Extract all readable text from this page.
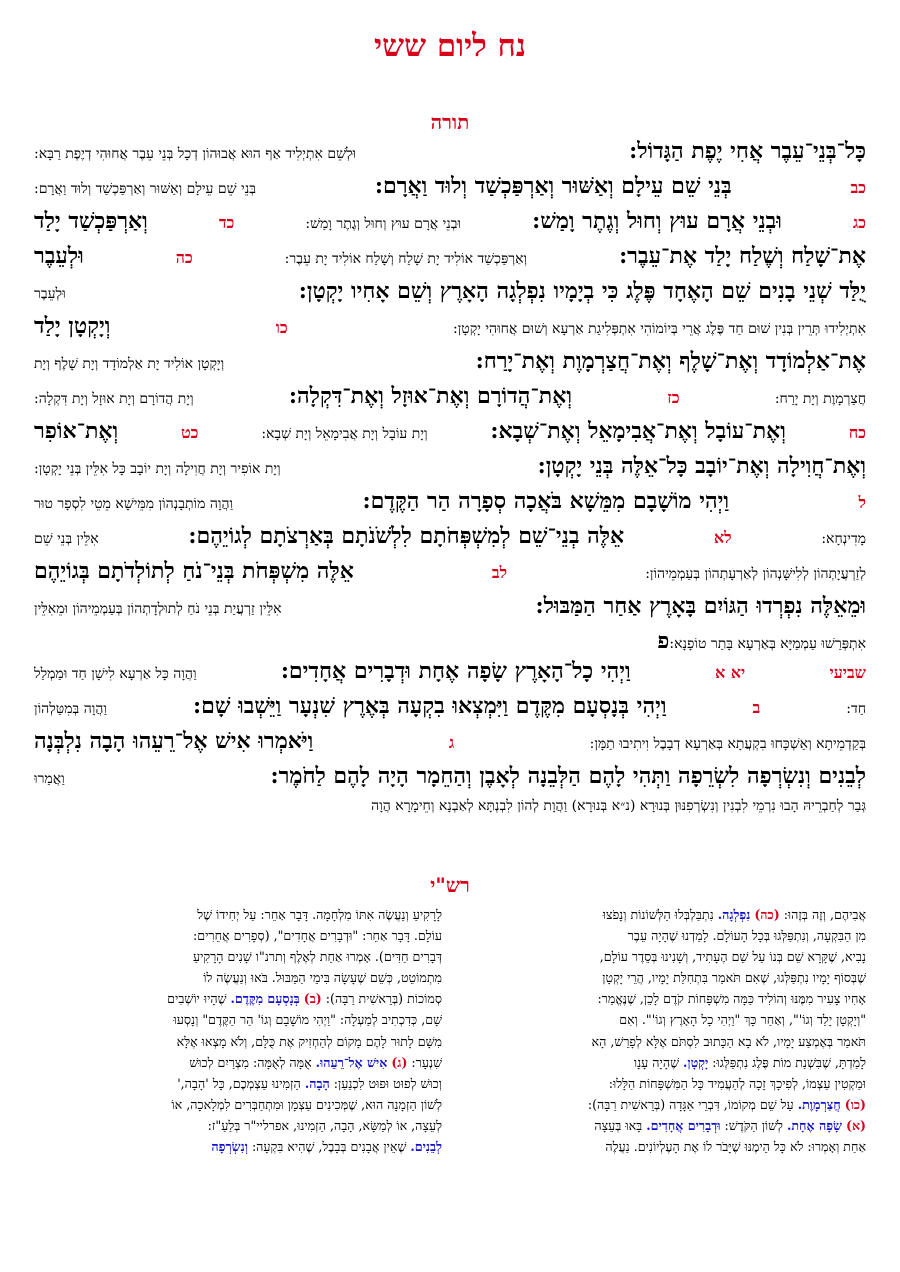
נח ליום ששי
תורה
כָּל־בְּנֵי־עֵבֶר אֲחִי יֶפֶת הַגָּדוֹל:
וּלְשֵׁם אִתְיְלִיד אַף הוּא אֲבוּהוֹן דְכָל בְּנֵי עֵבֶר אֲחוּהִי דְיֶפֶת רַבָּא:
כב
בְּנֵי שֵׁם עֵילָם וְאַשּׁוּר וְאַרְפַּכְשַׁד וְלוּד וַאֲרָם:
בְּנֵי שֵׁם עֵילָם וְאַשּׁוּר וְאַרְפַּכְשַׁד וְלוּד וַאֲרָם:
כג
וּבְנֵי אֲרָם עוּץ וְחוּל וְגֶתֶר וָמַשׁ:
וּבְנֵי אֲרָם עוּץ וְחוּל וְגֶתֶר וָמַשׁ:
כד
וְאַרְפַּכְשַׁד יָלַד
אֶת־שָׁלַח וְשֶׁלַח יָלַד אֶת־עֵבֶר:
וְאַרְפַּכְשַׁד אוֹלִיד יָת שָׁלַח וְשָׁלַח אוֹלִיד יָת עֵבֶר:
כה
וּלְעֵבֶר
יֻלַּד שְׁנֵי בָנִים שֵׁם הָאֶחָד פֶּלֶג כִּי בְיָמָיו נִפְלְגָה הָאָרֶץ וְשֵׁם אָחִיו יָקְטָן:
וּלְעֵבֶר
אִתְיְלִידוּ תְּרֵין בְּנִין שׁוּם חַד פֶּלֶג אֲרֵי בְּיוֹמוֹהִי אִתְפְּלִיגַת אַרְעָא וְשׁוּם אֲחוּהִי יָקְטָן:
כו
וְיָקְטָן יָלַד
אֶת־אַלְמוֹדָד וְאֶת־שָׁלֶף וְאֶת־חֲצַרְמָוֶת וְאֶת־יָרַח:
וְיָקְטָן אוֹלִיד יָת אַלְמוֹדָד וְיָת שָׁלֶף וְיָת
חֲצַרְמָוֶת וְיָת יָרַח:
כז
וְאֶת־הֲדוֹרָם וְאֶת־אוּזָל וְאֶת־דִּקְלָה:
וְיָת הֲדוֹרָם וְיָת אוּזָל וְיָת דִּקְלָה:
כח
וְאֶת־עוֹבָל וְאֶת־אֲבִימָאֵל וְאֶת־שְׁבָא:
וְיָת עוֹבָל וְיָת אֲבִימָאֵל וְיָת שְׁבָא:
כט
וְאֶת־אוֹפִר
וְאֶת־חֲוִילָה וְאֶת־יוֹבָב כָּל־אֵלֶּה בְּנֵי יָקְטָן:
וְיָת אוֹפִיר וְיָת חֲוִילָה וְיָת יוֹבָב כָּל אִלֵּין בְּנֵי יָקְטָן:
ל
וַיְהִי מוֹשָׁבָם מִמֵּשָׁא בֹּאֲכָה סְפָרָה הַר הַקֶּדֶם:
וַהֲוָה מוֹתְבָנְהוֹן מִמֵּישָׁא מֵטֵי לִסְפָר טוּר
מָדִינְחָא:
לא
אֵלֶּה בְנֵי־שֵׁם לְמִשְׁפְּחֹתָם לִלְשֹׁנֹתָם בְּאַרְצֹתָם לְגוֹיֵהֶם:
אִלֵּין בְּנֵי שֵׁם
לְזַרְעֲיָתְהוֹן לְלִישָּׁנְהוֹן לְאַרְעָתְהוֹן בְּעַמְמֵיהוֹן:
לב
אֵלֶּה מִשְׁפְּחֹת בְּנֵי־נֹחַ לְתוֹלְדֹתָם בְּגוֹיֵהֶם
וּמֵאֵלֶּה נִפְרְדוּ הַגּוֹיִם בָּאָרֶץ אַחַר הַמַּבּוּל:
אִלֵּין זַרְעֲיַת בְּנֵי נֹחַ לְתוּלְדָתְהוֹן בְּעַמְמֵיהוֹן וּמֵאִלֵּין
אִתְפְּרַשׁוּ עַמְמַיָּא בְּאַרְעָא בָּתַר טוֹפָנָא:
פ
שביעי
יא א
וַיְהִי כָל־הָאָרֶץ שָׂפָה אֶחָת וּדְבָרִים אֲחָדִים:
וַהֲוָה כָּל אַרְעָא לִישָׁן חַד וּמַמְלַל
חַד:
ב
וַיְהִי בְּנָסְעָם מִקֶּדֶם וַיִּמְצְאוּ בִקְעָה בְּאֶרֶץ שִׁנְעָר וַיֵּשְׁבוּ שָׁם:
וַהֲוָה בְּמִטַּלְהוֹן
בְּקַדְמֵיתָא וְאַשְׁכָּחוּ בִקְעֲתָא בְּאַרְעָא דְבָבֶל וִיתִיבוּ תַמָּן:
ג
וַיֹּאמְרוּ אִישׁ אֶל־רֵעֵהוּ הָבָה נִלְבְּנָה
לְבֵנִים וְנִשְׂרְפָה לִשְׂרֵפָה וַתְּהִי לָהֶם הַלְּבֵנָה לְאָבֶן וְהַחֵמָר הָיָה לָהֶם לַחֹמֶר:
וַאֲמַרוּ
גְּבַר לְחַבְרֵיהּ הָבוּ נִרְמֵי לִבְנִין וְנִשְׂרְפִנּוּן בְּנוּרָא (נ״א בְּנוּרָא) וַהֲוָת לְהוֹן לִבְנְתָּא לְאַבְנָא וְחֵימָרָא הֲוָה
רש"י
אֲבִיהֶם, וְזֶה בְּזֶהוּ: (כה) נִפְלְגָה. נִתְבַּלְבְּלוּ הַלְּשׁוֹנוֹת וְנָפֹצוּ
מִן הַבִּקְעָה, וְנִתְפַּלְּגוּ בְּכָל הָעוֹלָם. לָמַדְנוּ שֶׁהָיָה עֵבֶר
נָבִיא, שֶׁקָּרָא שֵׁם בְּנוֹ עַל שֵׁם הֶעָתִיד, וְשָׁנִינוּ בְּסֵדֶר עוֹלָם,
שֶׁבְּסוֹף יָמָיו נִתְפַּלְּגוּ, שֶׁאִם תֹּאמַר בִּתְחִלַּת יָמָיו, הֲרֵי יָקְטָן
אָחִיו צָעִיר מִמֶּנּוּ וְהוֹלִיד כַּמָּה מִשְׁפָּחוֹת קֹדֶם לָכֵן, שֶׁנֶּאֱמַר:
"וְיָקְטָן יָלַד וְגוֹ'", וְאַחַר כָּךְ "וַיְהִי כָל הָאָרֶץ וְגוֹ'". וְאִם
תֹּאמַר בְּאֶמְצַע יָמָיו, לֹא בָא הַכָּתוּב לִסְתֹּם אֶלָּא לְפָרֵשׁ, הָא
לָמַדְתָּ, שֶׁבִּשְׁנַת מוֹת פֶּלֶג נִתְפַּלְּגוּ: יָקְטָן. שֶׁהָיָה עָנָו
וּמַקְטִין עַצְמוֹ, לְפִיכָךְ זָכָה לְהַעֲמִיד כָּל הַמִּשְׁפָּחוֹת הַלָּלוּ:
(כו) חֲצַרְמָוֶת. עַל שֵׁם מְקוֹמוֹ, דִּבְרֵי אַגָּדָה (בְּרֵאשִׁית רַבָּה):
(א) שָׂפָה אֶחָת. לְשׁוֹן הַקֹּדֶשׁ: וּדְבָרִים אֲחָדִים. בָּאוּ בְּעֵצָה
אַחַת וְאָמְרוּ: לֹא כָּל הֵימֶנּוּ שֶׁיָּבֹר לוֹ אֶת הָעֶלְיוֹנִים. נַעֲלֶה
לָרָקִיעַ וְנַעֲשֶׂה אִתּוֹ מִלְחָמָה. דָּבָר אַחֵר: עַל יְחִידוֹ שֶׁל
עוֹלָם. דָּבָר אַחֵר: "וּדְבָרִים אֲחָדִים", (סְפָרִים אֲחֵרִים:
דְּבָרִים חַדִּים). אָמְרוּ אַחַת לְאֶלֶף וְתרנ"ו שָׁנִים הָרָקִיעַ
מִתְמוֹטֵט, כְּשֵׁם שֶׁעָשָׂה בִּימֵי הַמַּבּוּל. בֹּאוּ וְנַעֲשֶׂה לוֹ
סְמוֹכוֹת (בְּרֵאשִׁית רַבָּה): (ב) בְּנָסְעָם מִקֶּדֶם. שֶׁהָיוּ יוֹשְׁבִים
שָׁם, כְּדִכְתִיב לְמַעְלָה: "וַיְהִי מוֹשָׁבָם וְגוֹ' הַר הַקֶּדֶם" וְנָסְעוּ
מִשָּׁם לָתוּר לָהֶם מָקוֹם לְהַחְזִיק אֶת כֻּלָּם, וְלֹא מָצְאוּ אֶלָּא
שִׁנְעָר: (ג) אִישׁ אֶל־רֵעֵהוּ. אֻמָּה לְאֻמָּה: מִצְרַיִם לְכוּשׁ
וְכוּשׁ לְפוּט וּפוּט לִכְנַעַן: הָבָה. הַזְמִינוּ עַצְמְכֶם, כָּל 'הָבָה,'
לְשׁוֹן הַזְמָנָה הוּא, שֶׁמְּכִינִים עַצְמָן וּמִתְחַבְּרִים לִמְלָאכָה, אוֹ
לְעֵצָה, אוֹ לְמַשָּׂא, הָבָה, הַזְמִינוּ, אפרליי"ר בְּלַעַ"ז:
לְבֵנִים. שֶׁאֵין אֲבָנִים בְּבָבֶל, שֶׁהִיא בִּקְעָה: וְנִשְׂרְפָה
